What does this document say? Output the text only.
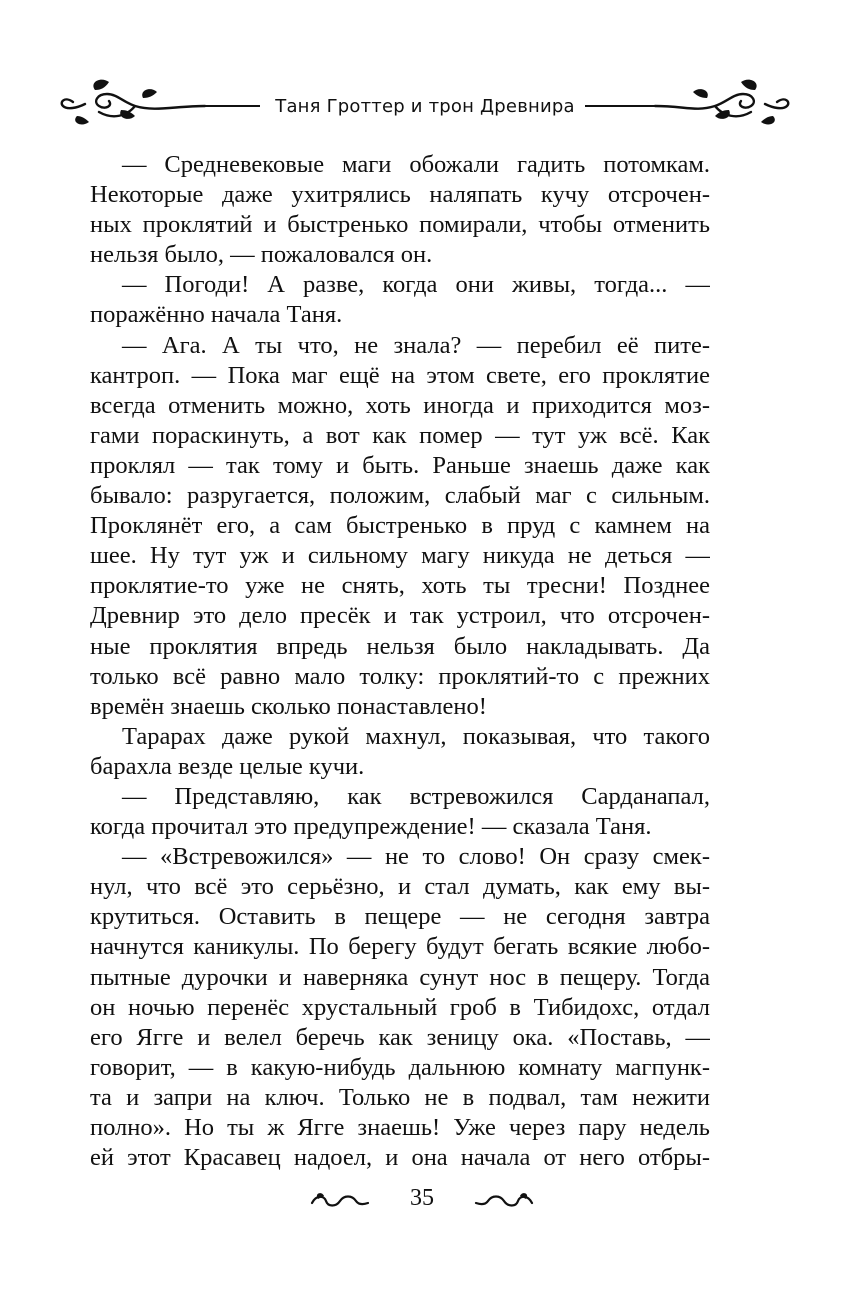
Таня Гроттер и трон Древнира
— Средневековые маги обожали гадить потомкам.
Некоторые даже ухитрялись наляпать кучу отсрочен-
ных проклятий и быстренько помирали, чтобы отменить
нельзя было, — пожаловался он.
— Погоди! А разве, когда они живы, тогда... —
поражённо начала Таня.
— Ага. А ты что, не знала? — перебил её пите-
кантроп. — Пока маг ещё на этом свете, его проклятие
всегда отменить можно, хоть иногда и приходится моз-
гами пораскинуть, а вот как помер — тут уж всё. Как
проклял — так тому и быть. Раньше знаешь даже как
бывало: разругается, положим, слабый маг с сильным.
Проклянёт его, а сам быстренько в пруд с камнем на
шее. Ну тут уж и сильному магу никуда не деться —
проклятие-то уже не снять, хоть ты тресни! Позднее
Древнир это дело пресёк и так устроил, что отсрочен-
ные проклятия впредь нельзя было накладывать. Да
только всё равно мало толку: проклятий-то с прежних
времён знаешь сколько понаставлено!
Тарарах даже рукой махнул, показывая, что такого
барахла везде целые кучи.
— Представляю, как встревожился Сарданапал,
когда прочитал это предупреждение! — сказала Таня.
— «Встревожился» — не то слово! Он сразу смек-
нул, что всё это серьёзно, и стал думать, как ему вы-
крутиться. Оставить в пещере — не сегодня завтра
начнутся каникулы. По берегу будут бегать всякие любо-
пытные дурочки и наверняка сунут нос в пещеру. Тогда
он ночью перенёс хрустальный гроб в Тибидохс, отдал
его Ягге и велел беречь как зеницу ока. «Поставь, —
говорит, — в какую-нибудь дальнюю комнату магпунк-
та и запри на ключ. Только не в подвал, там нежити
полно». Но ты ж Ягге знаешь! Уже через пару недель
ей этот Красавец надоел, и она начала от него отбры-
35
